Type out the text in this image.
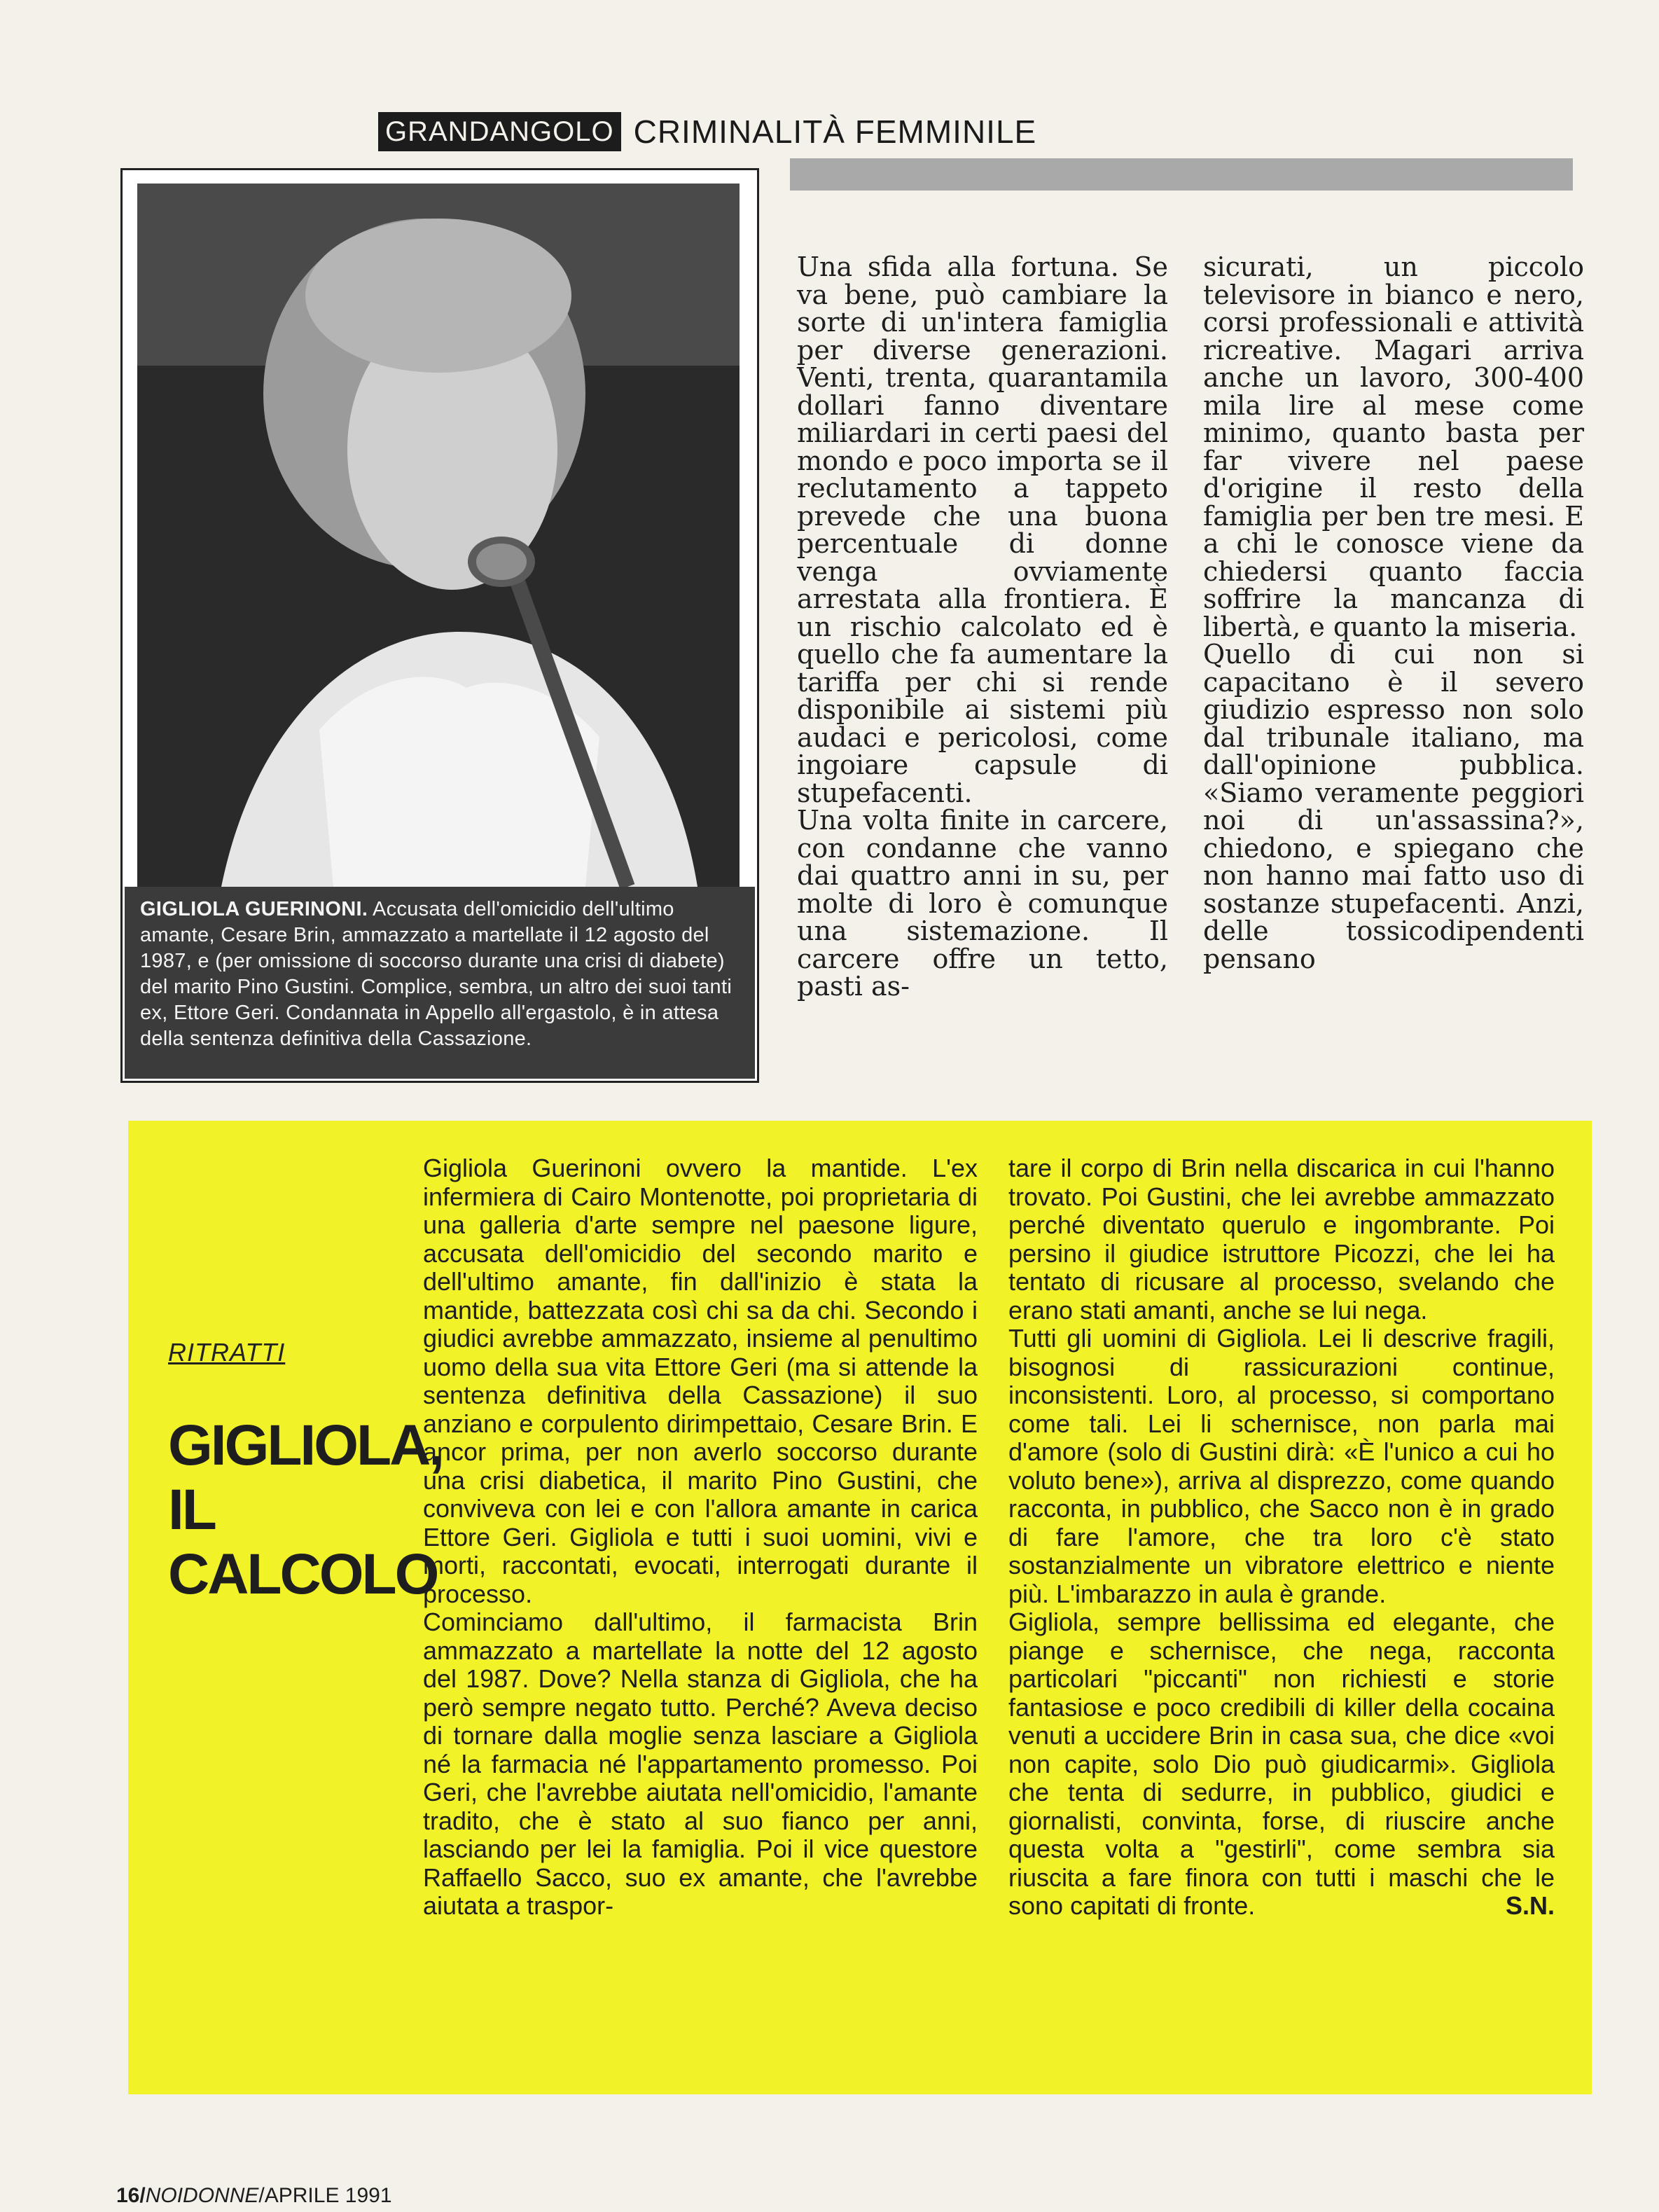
GRANDANGOLO CRIMINALITÀ FEMMINILE

GIGLIOLA GUERINONI. Accusata dell'omicidio dell'ultimo amante, Cesare Brin, ammazzato a martellate il 12 agosto del 1987, e (per omissione di soccorso durante una crisi di diabete) del marito Pino Gustini. Complice, sembra, un altro dei suoi tanti ex, Ettore Geri. Condannata in Appello all'ergastolo, è in attesa della sentenza definitiva della Cassazione.

Una sfida alla fortuna. Se va bene, può cambiare la sorte di un'intera famiglia per diverse generazioni. Venti, trenta, quarantamila dollari fanno diventare miliardari in certi paesi del mondo e poco importa se il reclutamento a tappeto prevede che una buona percentuale di donne venga ovviamente arrestata alla frontiera. È un rischio calcolato ed è quello che fa aumentare la tariffa per chi si rende disponibile ai sistemi più audaci e pericolosi, come ingoiare capsule di stupefacenti.

Una volta finite in carcere, con condanne che vanno dai quattro anni in su, per molte di loro è comunque una sistemazione. Il carcere offre un tetto, pasti as-

sicurati, un piccolo televisore in bianco e nero, corsi professionali e attività ricreative. Magari arriva anche un lavoro, 300-400 mila lire al mese come minimo, quanto basta per far vivere nel paese d'origine il resto della famiglia per ben tre mesi. E a chi le conosce viene da chiedersi quanto faccia soffrire la mancanza di libertà, e quanto la miseria.

Quello di cui non si capacitano è il severo giudizio espresso non solo dal tribunale italiano, ma dall'opinione pubblica. «Siamo veramente peggiori noi di un'assassina?», chiedono, e spiegano che non hanno mai fatto uso di sostanze stupefacenti. Anzi, delle tossicodipendenti pensano

RITRATTI
GIGLIOLA,
IL
CALCOLO

Gigliola Guerinoni ovvero la mantide. L'ex infermiera di Cairo Montenotte, poi proprietaria di una galleria d'arte sempre nel paesone ligure, accusata dell'omicidio del secondo marito e dell'ultimo amante, fin dall'inizio è stata la mantide, battezzata così chi sa da chi. Secondo i giudici avrebbe ammazzato, insieme al penultimo uomo della sua vita Ettore Geri (ma si attende la sentenza definitiva della Cassazione) il suo anziano e corpulento dirimpettaio, Cesare Brin. E ancor prima, per non averlo soccorso durante una crisi diabetica, il marito Pino Gustini, che conviveva con lei e con l'allora amante in carica Ettore Geri. Gigliola e tutti i suoi uomini, vivi e morti, raccontati, evocati, interrogati durante il processo.

Cominciamo dall'ultimo, il farmacista Brin ammazzato a martellate la notte del 12 agosto del 1987. Dove? Nella stanza di Gigliola, che ha però sempre negato tutto. Perché? Aveva deciso di tornare dalla moglie senza lasciare a Gigliola né la farmacia né l'appartamento promesso. Poi Geri, che l'avrebbe aiutata nell'omicidio, l'amante tradito, che è stato al suo fianco per anni, lasciando per lei la famiglia. Poi il vice questore Raffaello Sacco, suo ex amante, che l'avrebbe aiutata a traspor-

tare il corpo di Brin nella discarica in cui l'hanno trovato. Poi Gustini, che lei avrebbe ammazzato perché diventato querulo e ingombrante. Poi persino il giudice istruttore Picozzi, che lei ha tentato di ricusare al processo, svelando che erano stati amanti, anche se lui nega.

Tutti gli uomini di Gigliola. Lei li descrive fragili, bisognosi di rassicurazioni continue, inconsistenti. Loro, al processo, si comportano come tali. Lei li schernisce, non parla mai d'amore (solo di Gustini dirà: «È l'unico a cui ho voluto bene»), arriva al disprezzo, come quando racconta, in pubblico, che Sacco non è in grado di fare l'amore, che tra loro c'è stato sostanzialmente un vibratore elettrico e niente più. L'imbarazzo in aula è grande.

Gigliola, sempre bellissima ed elegante, che piange e schernisce, che nega, racconta particolari "piccanti" non richiesti e storie fantasiose e poco credibili di killer della cocaina venuti a uccidere Brin in casa sua, che dice «voi non capite, solo Dio può giudicarmi». Gigliola che tenta di sedurre, in pubblico, giudici e giornalisti, convinta, forse, di riuscire anche questa volta a "gestirli", come sembra sia riuscita a fare finora con tutti i maschi che le sono capitati di fronte.	S.N.

16/NOIDONNE/APRILE 1991
